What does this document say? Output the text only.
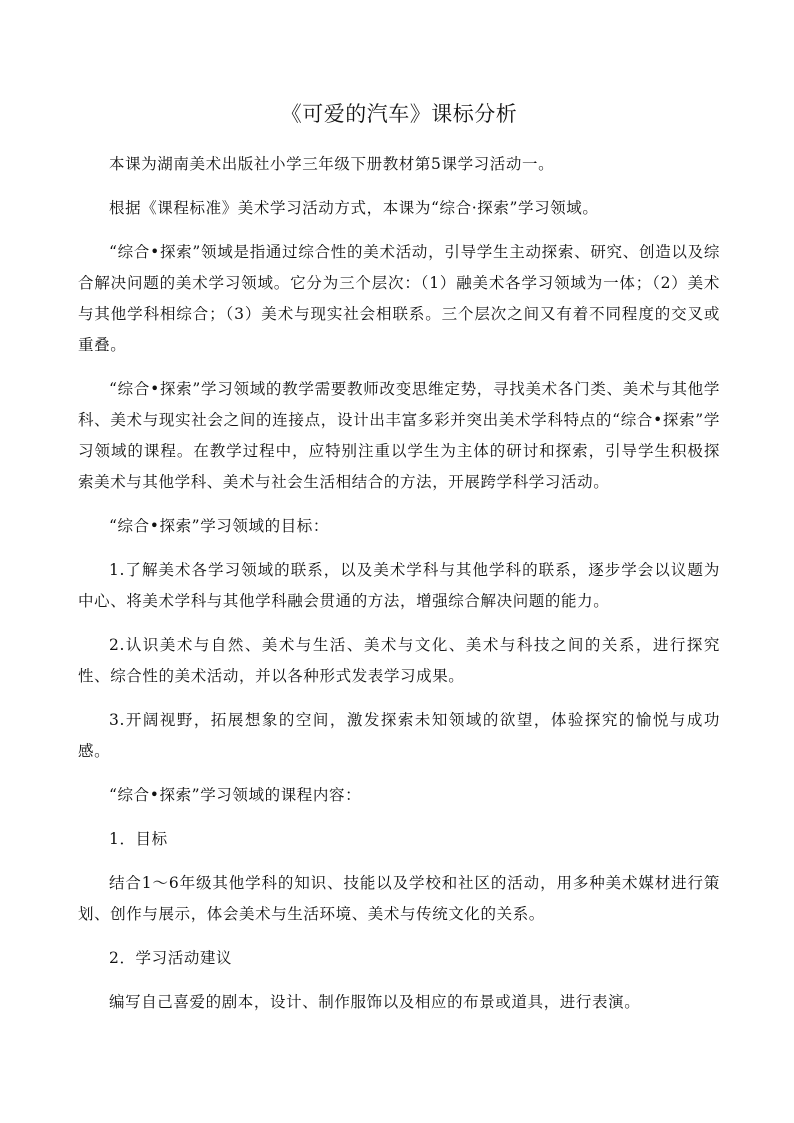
《可爱的汽车》课标分析

本课为湖南美术出版社小学三年级下册教材第5课学习活动一。

根据《课程标准》美术学习活动方式，本课为“综合·探索”学习领域。

“综合•探索”领域是指通过综合性的美术活动，引导学生主动探索、研究、创造以及综合解决问题的美术学习领域。它分为三个层次：（1）融美术各学习领域为一体；（2）美术与其他学科相综合；（3）美术与现实社会相联系。三个层次之间又有着不同程度的交叉或重叠。

“综合•探索”学习领域的教学需要教师改变思维定势，寻找美术各门类、美术与其他学科、美术与现实社会之间的连接点，设计出丰富多彩并突出美术学科特点的“综合•探索”学习领域的课程。在教学过程中，应特别注重以学生为主体的研讨和探索，引导学生积极探索美术与其他学科、美术与社会生活相结合的方法，开展跨学科学习活动。

“综合•探索”学习领域的目标：

1.了解美术各学习领域的联系，以及美术学科与其他学科的联系，逐步学会以议题为中心、将美术学科与其他学科融会贯通的方法，增强综合解决问题的能力。

2.认识美术与自然、美术与生活、美术与文化、美术与科技之间的关系，进行探究性、综合性的美术活动，并以各种形式发表学习成果。

3.开阔视野，拓展想象的空间，激发探索未知领域的欲望，体验探究的愉悦与成功感。

“综合•探索”学习领域的课程内容：

1．目标

结合1～6年级其他学科的知识、技能以及学校和社区的活动，用多种美术媒材进行策划、创作与展示，体会美术与生活环境、美术与传统文化的关系。

2．学习活动建议

编写自己喜爱的剧本，设计、制作服饰以及相应的布景或道具，进行表演。
